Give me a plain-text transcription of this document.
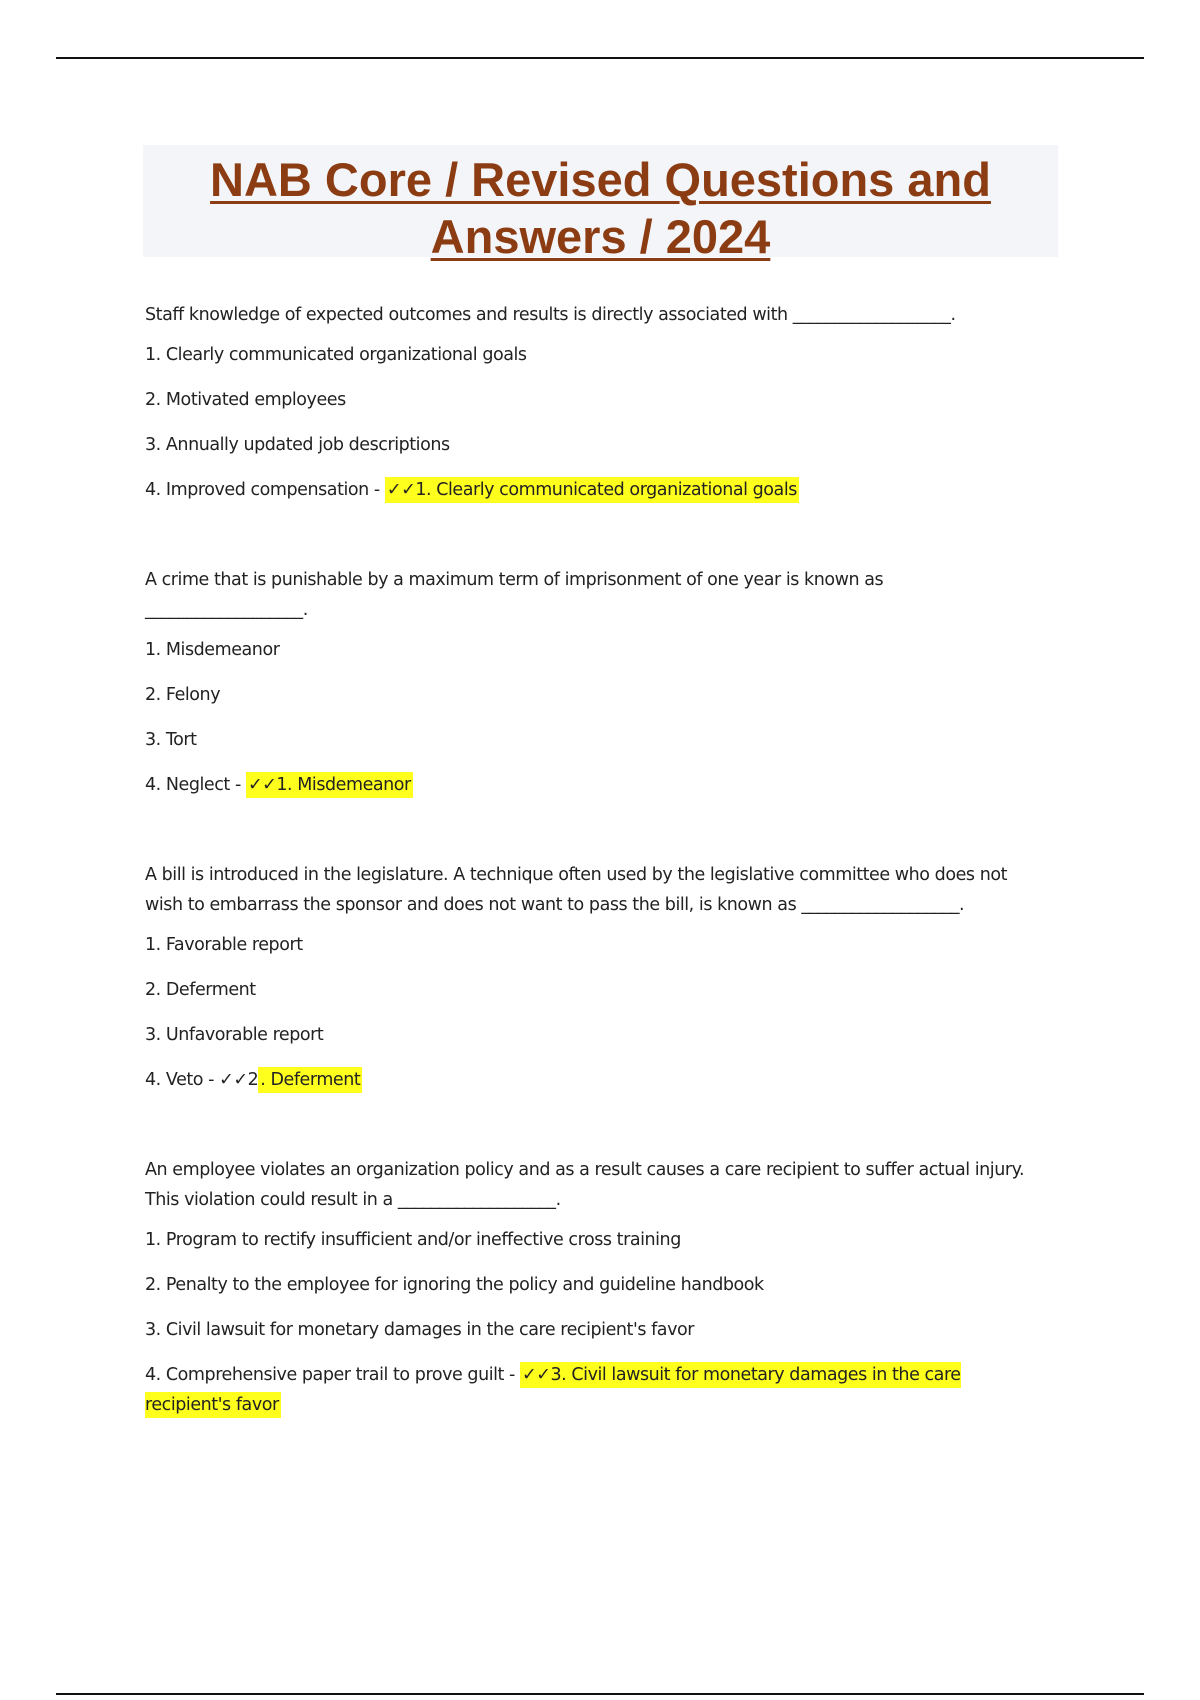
NAB Core / Revised Questions and
Answers / 2024

Staff knowledge of expected outcomes and results is directly associated with ___________________.

1. Clearly communicated organizational goals
2. Motivated employees
3. Annually updated job descriptions
4. Improved compensation - ✓✓1. Clearly communicated organizational goals

A crime that is punishable by a maximum term of imprisonment of one year is known as ___________________.

1. Misdemeanor
2. Felony
3. Tort
4. Neglect - ✓✓1. Misdemeanor

A bill is introduced in the legislature. A technique often used by the legislative committee who does not wish to embarrass the sponsor and does not want to pass the bill, is known as ___________________.

1. Favorable report
2. Deferment
3. Unfavorable report
4. Veto - ✓✓2 . Deferment

An employee violates an organization policy and as a result causes a care recipient to suffer actual injury. This violation could result in a ___________________.

1. Program to rectify insufficient and/or ineffective cross training
2. Penalty to the employee for ignoring the policy and guideline handbook
3. Civil lawsuit for monetary damages in the care recipient's favor
4. Comprehensive paper trail to prove guilt - ✓✓3. Civil lawsuit for monetary damages in the care recipient's favor
